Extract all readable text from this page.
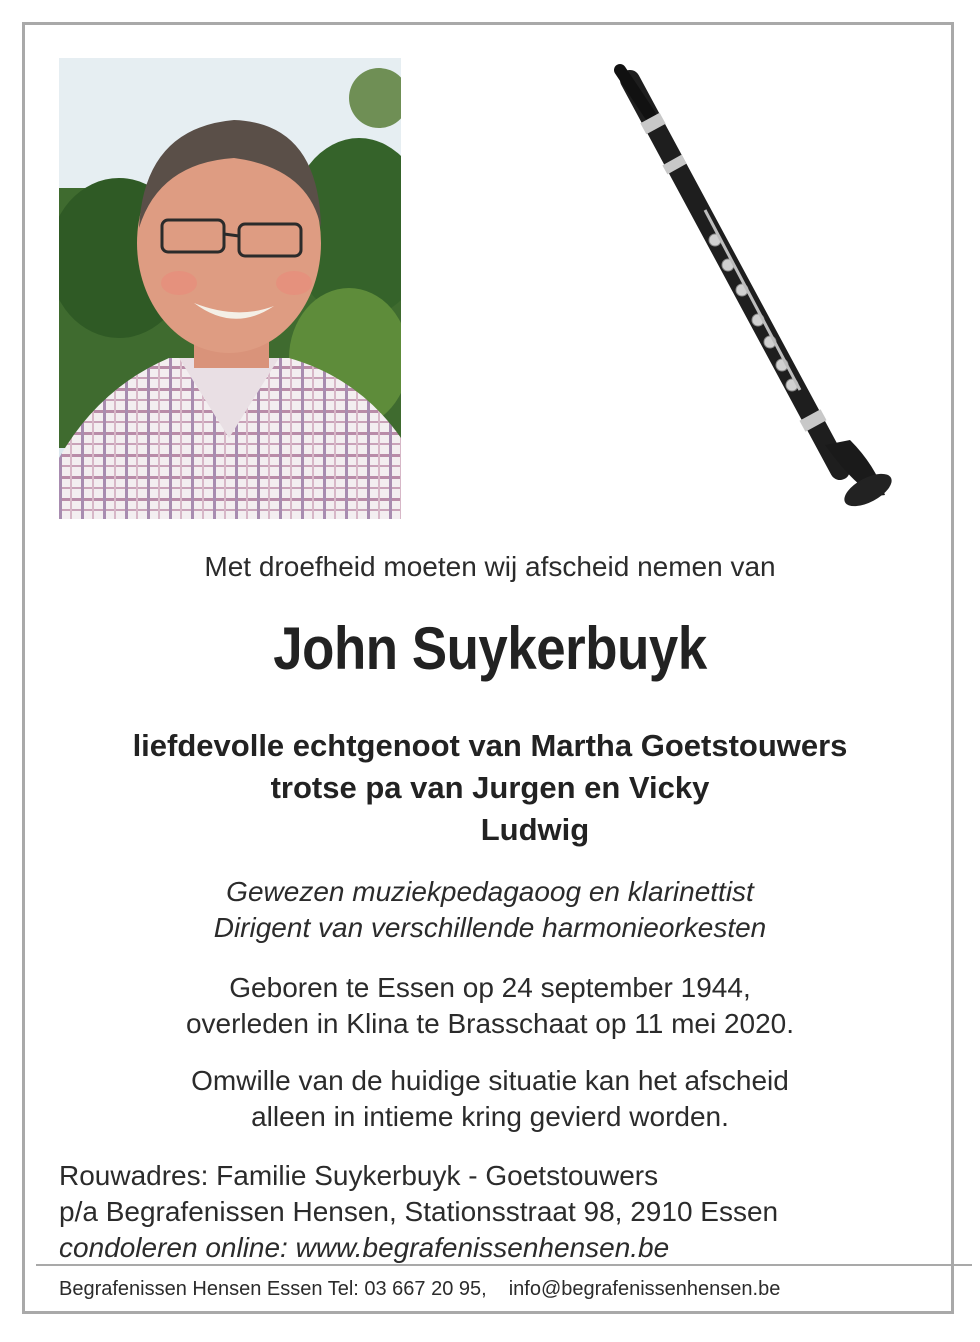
Met droefheid moeten wij afscheid nemen van
John Suykerbuyk
liefdevolle echtgenoot van Martha Goetstouwers
trotse pa van Jurgen en Vicky
Ludwig
Gewezen muziekpedagaoog en klarinettist
Dirigent van verschillende harmonieorkesten
Geboren te Essen op 24 september 1944,
overleden in Klina te Brasschaat op 11 mei 2020.
Omwille van de huidige situatie kan het afscheid
alleen in intieme kring gevierd worden.
Rouwadres: Familie Suykerbuyk - Goetstouwers
p/a Begrafenissen Hensen, Stationsstraat 98, 2910 Essen
condoleren online: www.begrafenissenhensen.be
Begrafenissen Hensen Essen Tel: 03 667 20 95, info@begrafenissenhensen.be
